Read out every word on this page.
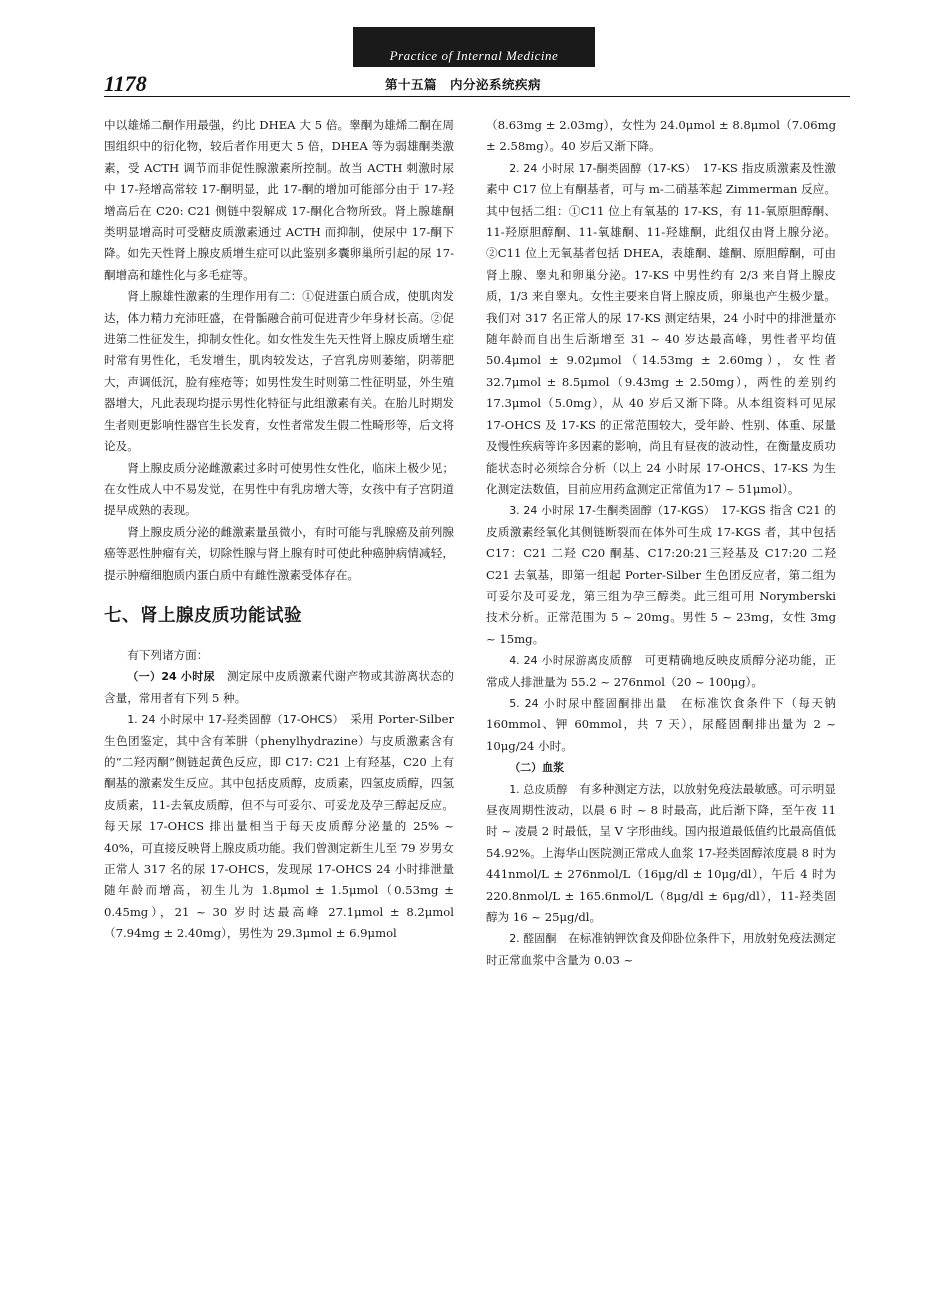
Practice of Internal Medicine
1178	第十五篇　内分泌系统疾病

中以雄烯二酮作用最强，约比 DHEA 大 5 倍。睾酮为雄烯二酮在周围组织中的衍化物，较后者作用更大 5 倍，DHEA 等为弱雄酮类激素，受 ACTH 调节而非促性腺激素所控制。故当 ACTH 刺激时尿中 17-羟增高常较 17-酮明显，此 17-酮的增加可能部分由于 17-羟增高后在 C20: C21 侧链中裂解成 17-酮化合物所致。肾上腺雄酮类明显增高时可受糖皮质激素通过 ACTH 而抑制，使尿中 17-酮下降。如先天性肾上腺皮质增生症可以此鉴别多囊卵巢所引起的尿 17-酮增高和雄性化与多毛症等。

肾上腺雄性激素的生理作用有二：①促进蛋白质合成，使肌肉发达，体力精力充沛旺盛，在骨骺融合前可促进青少年身材长高。②促进第二性征发生，抑制女性化。如女性发生先天性肾上腺皮质增生症时常有男性化，毛发增生，肌肉较发达，子宫乳房则萎缩，阴蒂肥大，声调低沉，脸有痤疮等；如男性发生时则第二性征明显，外生殖器增大，凡此表现均提示男性化特征与此组激素有关。在胎儿时期发生者则更影响性器官生长发育，女性者常发生假二性畸形等，后文将论及。

肾上腺皮质分泌雌激素过多时可使男性女性化，临床上极少见；在女性成人中不易发觉，在男性中有乳房增大等，女孩中有子宫阴道提早成熟的表现。

肾上腺皮质分泌的雌激素量虽微小，有时可能与乳腺癌及前列腺癌等恶性肿瘤有关，切除性腺与肾上腺有时可使此种癌肿病情减轻，提示肿瘤细胞质内蛋白质中有雌性激素受体存在。

七、肾上腺皮质功能试验

有下列诸方面：

（一）24 小时尿　测定尿中皮质激素代谢产物或其游离状态的含量，常用者有下列 5 种。

1. 24 小时尿中 17-羟类固醇（17-OHCS）　采用 Porter-Silber 生色团鉴定，其中含有苯肼（phenylhydrazine）与皮质激素含有的“二羟丙酮”侧链起黄色反应，即 C17: C21 上有羟基，C20 上有酮基的激素发生反应。其中包括皮质醇，皮质素，四氢皮质醇，四氢皮质素，11-去氧皮质醇，但不与可妥尔、可妥龙及孕三醇起反应。每天尿 17-OHCS 排出量相当于每天皮质醇分泌量的 25% ~ 40%，可直接反映肾上腺皮质功能。我们曾测定新生儿至 79 岁男女正常人 317 名的尿 17-OHCS，发现尿 17-OHCS 24 小时排泄量随年龄而增高，初生儿为 1.8μmol ± 1.5μmol（0.53mg ± 0.45mg），21 ~ 30 岁时达最高峰 27.1μmol ± 8.2μmol（7.94mg ± 2.40mg），男性为 29.3μmol ± 6.9μmol

（8.63mg ± 2.03mg），女性为 24.0μmol ± 8.8μmol（7.06mg ± 2.58mg）。40 岁后又渐下降。

2. 24 小时尿 17-酮类固醇（17-KS）　17-KS 指皮质激素及性激素中 C17 位上有酮基者，可与 m-二硝基苯起 Zimmerman 反应。其中包括二组：①C11 位上有氧基的 17-KS，有 11-氧原胆醇酮、11-羟原胆醇酮、11-氧雄酮、11-羟雄酮，此组仅由肾上腺分泌。②C11 位上无氧基者包括 DHEA，表雄酮、雄酮、原胆醇酮，可由肾上腺、睾丸和卵巢分泌。17-KS 中男性约有 2/3 来自肾上腺皮质，1/3 来自睾丸。女性主要来自肾上腺皮质，卵巢也产生极少量。我们对 317 名正常人的尿 17-KS 测定结果，24 小时中的排泄量亦随年龄而自出生后渐增至 31 ~ 40 岁达最高峰，男性者平均值 50.4μmol ± 9.02μmol（14.53mg ± 2.60mg），女性者 32.7μmol ± 8.5μmol（9.43mg ± 2.50mg），两性的差别约 17.3μmol（5.0mg），从 40 岁后又渐下降。从本组资料可见尿 17-OHCS 及 17-KS 的正常范围较大，受年龄、性别、体重、尿量及慢性疾病等许多因素的影响，尚且有昼夜的波动性，在衡量皮质功能状态时必须综合分析（以上 24 小时尿 17-OHCS、17-KS 为生化测定法数值，目前应用药盒测定正常值为17 ~ 51μmol）。

3. 24 小时尿 17-生酮类固醇（17-KGS）　17-KGS 指含 C21 的皮质激素经氧化其侧链断裂而在体外可生成 17-KGS 者，其中包括 C17：C21 二羟 C20 酮基、C17:20:21三羟基及 C17:20 二羟 C21 去氧基，即第一组起 Porter-Silber 生色团反应者，第二组为可妥尔及可妥龙，第三组为孕三醇类。此三组可用 Norymberski 技术分析。正常范围为 5 ~ 20mg。男性 5 ~ 23mg，女性 3mg ~ 15mg。

4. 24 小时尿游离皮质醇　可更精确地反映皮质醇分泌功能，正常成人排泄量为 55.2 ~ 276nmol（20 ~ 100μg）。

5. 24 小时尿中醛固酮排出量　在标准饮食条件下（每天钠 160mmol、钾 60mmol，共 7 天），尿醛固酮排出量为 2 ~ 10μg/24 小时。

（二）血浆

1. 总皮质醇　有多种测定方法，以放射免疫法最敏感。可示明显昼夜周期性波动，以晨 6 时 ~ 8 时最高，此后渐下降，至午夜 11 时 ~ 凌晨 2 时最低，呈 V 字形曲线。国内报道最低值约比最高值低 54.92%。上海华山医院测正常成人血浆 17-羟类固醇浓度晨 8 时为 441nmol/L ± 276nmol/L（16μg/dl ± 10μg/dl），午后 4 时为 220.8nmol/L ± 165.6nmol/L（8μg/dl ± 6μg/dl），11-羟类固醇为 16 ~ 25μg/dl。

2. 醛固酮　在标准钠钾饮食及仰卧位条件下，用放射免疫法测定时正常血浆中含量为 0.03 ~
